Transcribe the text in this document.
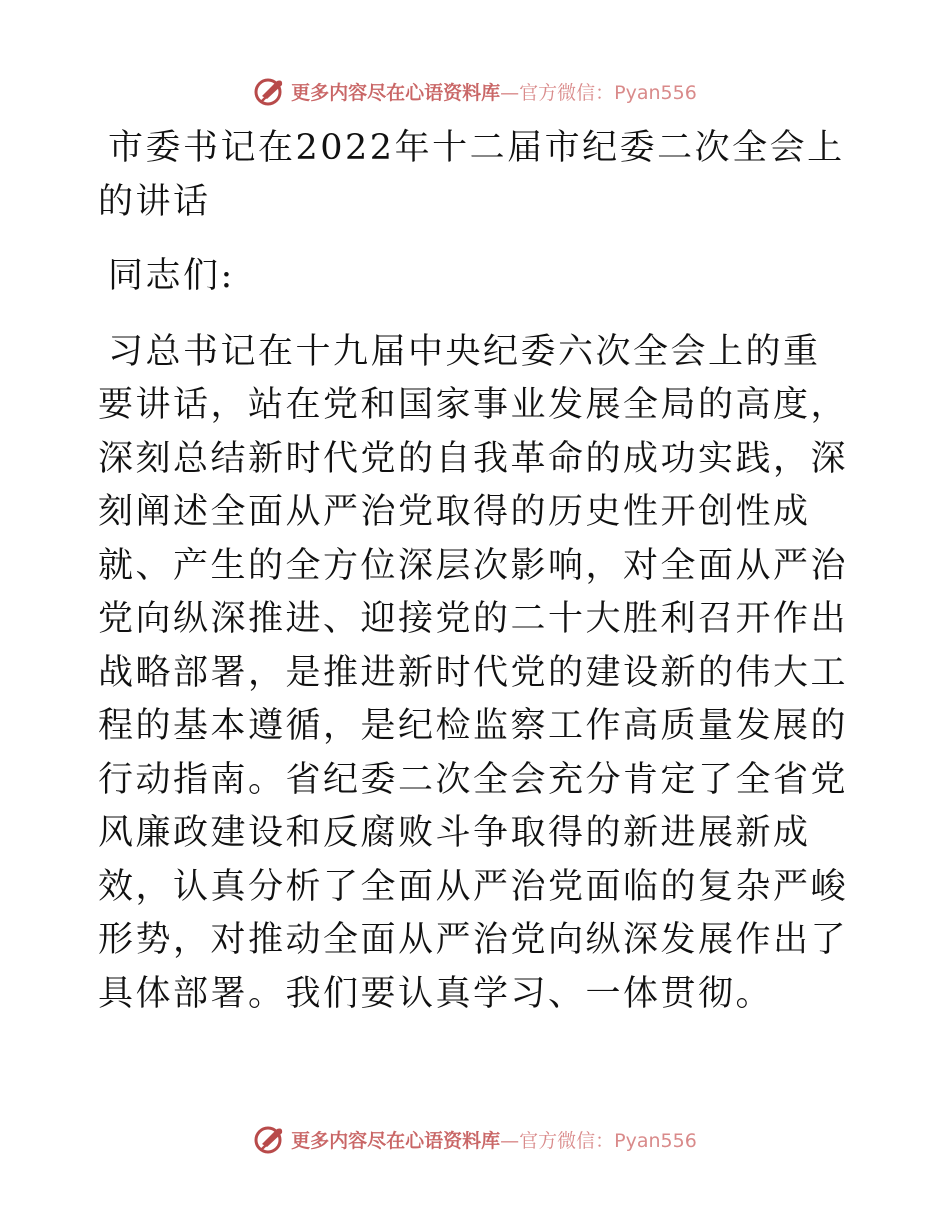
更多内容尽在心语资料库 —官方微信：Pyan556

市委书记在2022年十二届市纪委二次全会上的讲话

同志们:

习总书记在十九届中央纪委六次全会上的重要讲话，站在党和国家事业发展全局的高度，深刻总结新时代党的自我革命的成功实践，深刻阐述全面从严治党取得的历史性开创性成就、产生的全方位深层次影响，对全面从严治党向纵深推进、迎接党的二十大胜利召开作出战略部署，是推进新时代党的建设新的伟大工程的基本遵循，是纪检监察工作高质量发展的行动指南。省纪委二次全会充分肯定了全省党风廉政建设和反腐败斗争取得的新进展新成效，认真分析了全面从严治党面临的复杂严峻形势，对推动全面从严治党向纵深发展作出了具体部署。我们要认真学习、一体贯彻。

更多内容尽在心语资料库 —官方微信：Pyan556
